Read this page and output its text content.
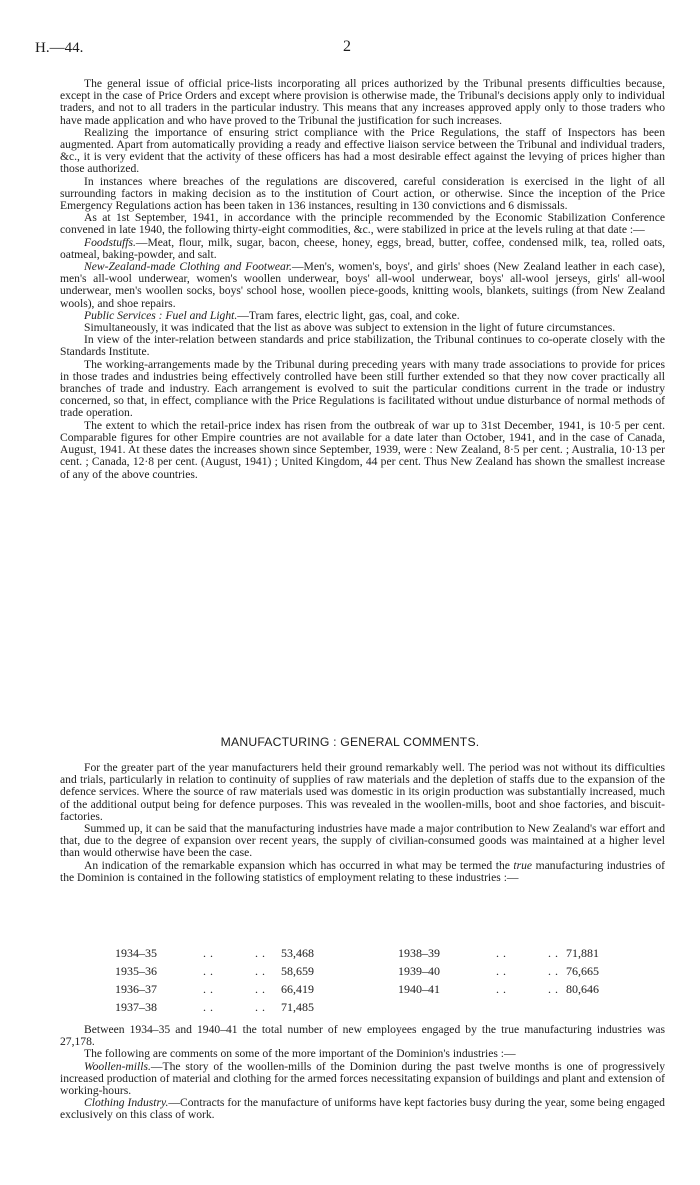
H.—44.	2

The general issue of official price-lists incorporating all prices authorized by the Tribunal presents difficulties because, except in the case of Price Orders and except where provision is otherwise made, the Tribunal's decisions apply only to individual traders, and not to all traders in the particular industry. This means that any increases approved apply only to those traders who have made application and who have proved to the Tribunal the justification for such increases.

Realizing the importance of ensuring strict compliance with the Price Regulations, the staff of Inspectors has been augmented. Apart from automatically providing a ready and effective liaison service between the Tribunal and individual traders, &c., it is very evident that the activity of these officers has had a most desirable effect against the levying of prices higher than those authorized.

In instances where breaches of the regulations are discovered, careful consideration is exercised in the light of all surrounding factors in making decision as to the institution of Court action, or otherwise. Since the inception of the Price Emergency Regulations action has been taken in 136 instances, resulting in 130 convictions and 6 dismissals.

As at 1st September, 1941, in accordance with the principle recommended by the Economic Stabilization Conference convened in late 1940, the following thirty-eight commodities, &c., were stabilized in price at the levels ruling at that date :—

Foodstuffs.—Meat, flour, milk, sugar, bacon, cheese, honey, eggs, bread, butter, coffee, condensed milk, tea, rolled oats, oatmeal, baking-powder, and salt.

New-Zealand-made Clothing and Footwear.—Men's, women's, boys', and girls' shoes (New Zealand leather in each case), men's all-wool underwear, women's woollen underwear, boys' all-wool underwear, boys' all-wool jerseys, girls' all-wool underwear, men's woollen socks, boys' school hose, woollen piece-goods, knitting wools, blankets, suitings (from New Zealand wools), and shoe repairs.

Public Services : Fuel and Light.—Tram fares, electric light, gas, coal, and coke.

Simultaneously, it was indicated that the list as above was subject to extension in the light of future circumstances.

In view of the inter-relation between standards and price stabilization, the Tribunal continues to co-operate closely with the Standards Institute.

The working-arrangements made by the Tribunal during preceding years with many trade associations to provide for prices in those trades and industries being effectively controlled have been still further extended so that they now cover practically all branches of trade and industry. Each arrangement is evolved to suit the particular conditions current in the trade or industry concerned, so that, in effect, compliance with the Price Regulations is facilitated without undue disturbance of normal methods of trade operation.

The extent to which the retail-price index has risen from the outbreak of war up to 31st December, 1941, is 10·5 per cent. Comparable figures for other Empire countries are not available for a date later than October, 1941, and in the case of Canada, August, 1941. At these dates the increases shown since September, 1939, were : New Zealand, 8·5 per cent. ; Australia, 10·13 per cent. ; Canada, 12·8 per cent. (August, 1941) ; United Kingdom, 44 per cent. Thus New Zealand has shown the smallest increase of any of the above countries.

MANUFACTURING : GENERAL COMMENTS.

For the greater part of the year manufacturers held their ground remarkably well. The period was not without its difficulties and trials, particularly in relation to continuity of supplies of raw materials and the depletion of staffs due to the expansion of the defence services. Where the source of raw materials used was domestic in its origin production was substantially increased, much of the additional output being for defence purposes. This was revealed in the woollen-mills, boot and shoe factories, and biscuit-factories.

Summed up, it can be said that the manufacturing industries have made a major contribution to New Zealand's war effort and that, due to the degree of expansion over recent years, the supply of civilian-consumed goods was maintained at a higher level than would otherwise have been the case.

An indication of the remarkable expansion which has occurred in what may be termed the true manufacturing industries of the Dominion is contained in the following statistics of employment relating to these industries :—

1934–35	..	.. 53,468
1935–36	..	.. 58,659
1936–37	..	.. 66,419
1937–38	..	.. 71,485
1938–39	..	.. 71,881
1939–40	..	.. 76,665
1940–41	..	.. 80,646

Between 1934–35 and 1940–41 the total number of new employees engaged by the true manufacturing industries was 27,178.

The following are comments on some of the more important of the Dominion's industries :—

Woollen-mills.—The story of the woollen-mills of the Dominion during the past twelve months is one of progressively increased production of material and clothing for the armed forces necessitating expansion of buildings and plant and extension of working-hours.

Clothing Industry.—Contracts for the manufacture of uniforms have kept factories busy during the year, some being engaged exclusively on this class of work.
